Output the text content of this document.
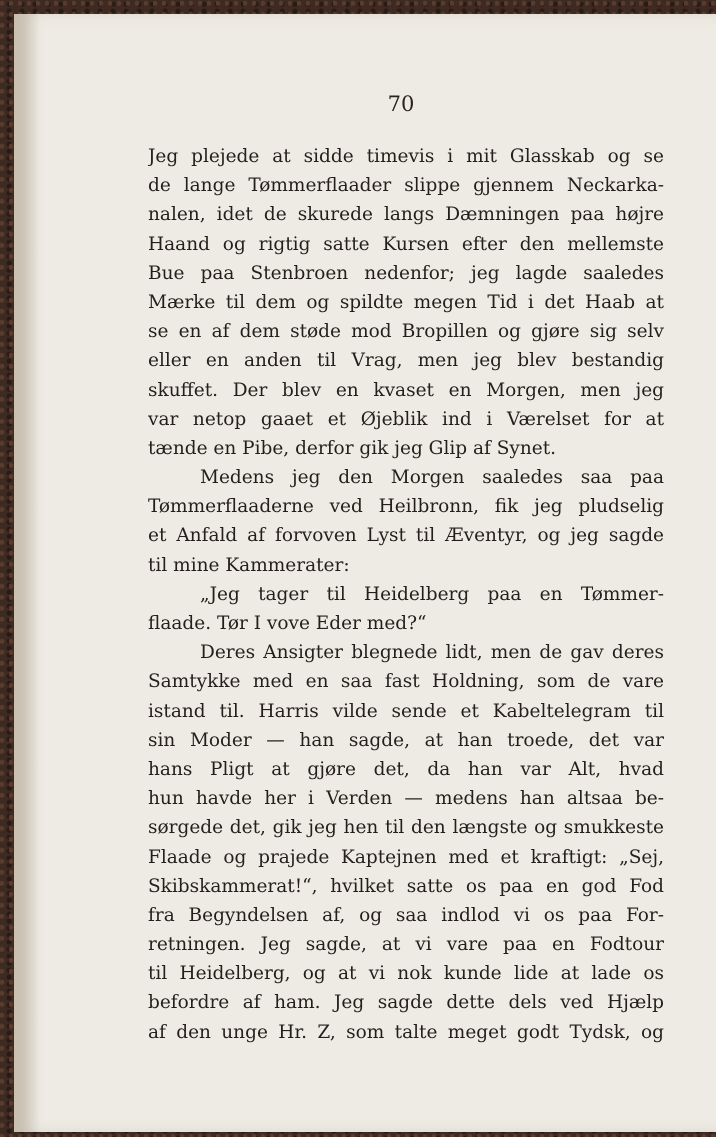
70
Jeg plejede at sidde timevis i mit Glasskab og se
de lange Tømmerflaader slippe gjennem Neckarka-
nalen, idet de skurede langs Dæmningen paa højre
Haand og rigtig satte Kursen efter den mellemste
Bue paa Stenbroen nedenfor; jeg lagde saaledes
Mærke til dem og spildte megen Tid i det Haab at
se en af dem støde mod Bropillen og gjøre sig selv
eller en anden til Vrag, men jeg blev bestandig
skuffet. Der blev en kvaset en Morgen, men jeg
var netop gaaet et Øjeblik ind i Værelset for at
tænde en Pibe, derfor gik jeg Glip af Synet.
Medens jeg den Morgen saaledes saa paa
Tømmerflaaderne ved Heilbronn, fik jeg pludselig
et Anfald af forvoven Lyst til Æventyr, og jeg sagde
til mine Kammerater:
„Jeg tager til Heidelberg paa en Tømmer-
flaade. Tør I vove Eder med?“
Deres Ansigter blegnede lidt, men de gav deres
Samtykke med en saa fast Holdning, som de vare
istand til. Harris vilde sende et Kabeltelegram til
sin Moder — han sagde, at han troede, det var
hans Pligt at gjøre det, da han var Alt, hvad
hun havde her i Verden — medens han altsaa be-
sørgede det, gik jeg hen til den længste og smukkeste
Flaade og prajede Kaptejnen med et kraftigt: „Sej,
Skibskammerat!“, hvilket satte os paa en god Fod
fra Begyndelsen af, og saa indlod vi os paa For-
retningen. Jeg sagde, at vi vare paa en Fodtour
til Heidelberg, og at vi nok kunde lide at lade os
befordre af ham. Jeg sagde dette dels ved Hjælp
af den unge Hr. Z, som talte meget godt Tydsk, og
